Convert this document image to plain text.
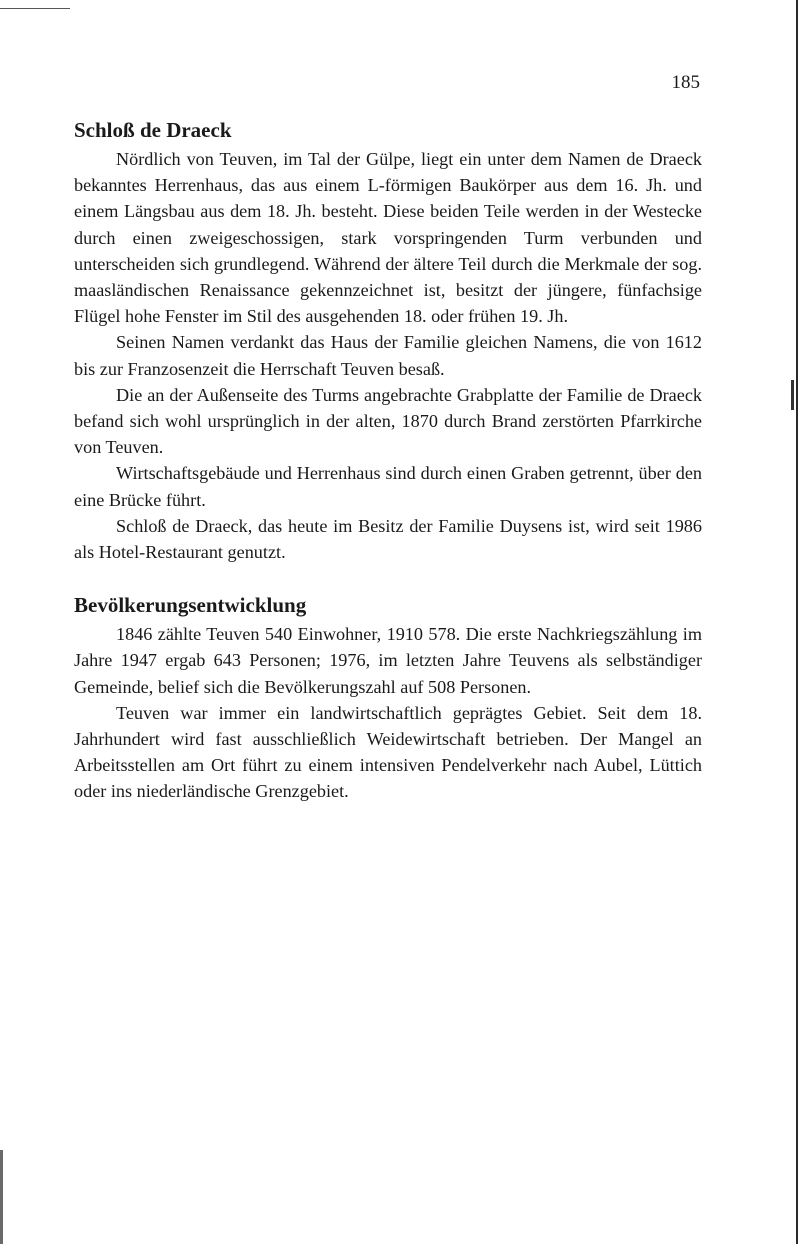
185
Schloß de Draeck

Nördlich von Teuven, im Tal der Gülpe, liegt ein unter dem Namen de Draeck bekanntes Herrenhaus, das aus einem L-förmigen Baukörper aus dem 16. Jh. und einem Längsbau aus dem 18. Jh. besteht. Diese beiden Teile werden in der Westecke durch einen zweigeschossigen, stark vorspringenden Turm verbunden und unterscheiden sich grundlegend. Während der ältere Teil durch die Merkmale der sog. maasländischen Renaissance gekennzeichnet ist, besitzt der jüngere, fünfachsige Flügel hohe Fenster im Stil des ausgehenden 18. oder frühen 19. Jh.

Seinen Namen verdankt das Haus der Familie gleichen Namens, die von 1612 bis zur Franzosenzeit die Herrschaft Teuven besaß.

Die an der Außenseite des Turms angebrachte Grabplatte der Familie de Draeck befand sich wohl ursprünglich in der alten, 1870 durch Brand zerstörten Pfarrkirche von Teuven.

Wirtschaftsgebäude und Herrenhaus sind durch einen Graben getrennt, über den eine Brücke führt.

Schloß de Draeck, das heute im Besitz der Familie Duysens ist, wird seit 1986 als Hotel-Restaurant genutzt.

Bevölkerungsentwicklung

1846 zählte Teuven 540 Einwohner, 1910 578. Die erste Nachkriegszählung im Jahre 1947 ergab 643 Personen; 1976, im letzten Jahre Teuvens als selbständiger Gemeinde, belief sich die Bevölkerungszahl auf 508 Personen.

Teuven war immer ein landwirtschaftlich geprägtes Gebiet. Seit dem 18. Jahrhundert wird fast ausschließlich Weidewirtschaft betrieben. Der Mangel an Arbeitsstellen am Ort führt zu einem intensiven Pendelverkehr nach Aubel, Lüttich oder ins niederländische Grenzgebiet.
